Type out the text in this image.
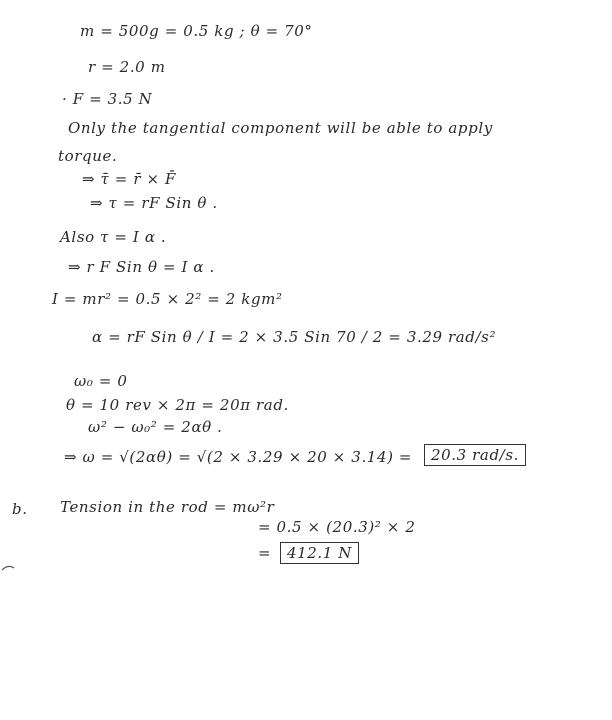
m = 500g = 0.5 kg ; θ = 70°
r = 2.0 m
· F = 3.5 N
Only the tangential component will be able to apply
torque.
⇒ τ̄ = r̄ × F̄
⇒ τ = rF Sin θ .
Also τ = I α .
⇒ r F Sin θ = I α .
I = mr² = 0.5 × 2² = 2 kgm²
α = rF Sin θ / I = 2 × 3.5 Sin 70 / 2 = 3.29 rad/s²
ω₀ = 0
θ = 10 rev × 2π = 20π rad.
ω² − ω₀² = 2αθ .
⇒ ω = √(2αθ) = √(2 × 3.29 × 20 × 3.14) =	20.3 rad/s.
b. Tension in the rod = mω²r
= 0.5 × (20.3)² × 2
=	412.1 N
